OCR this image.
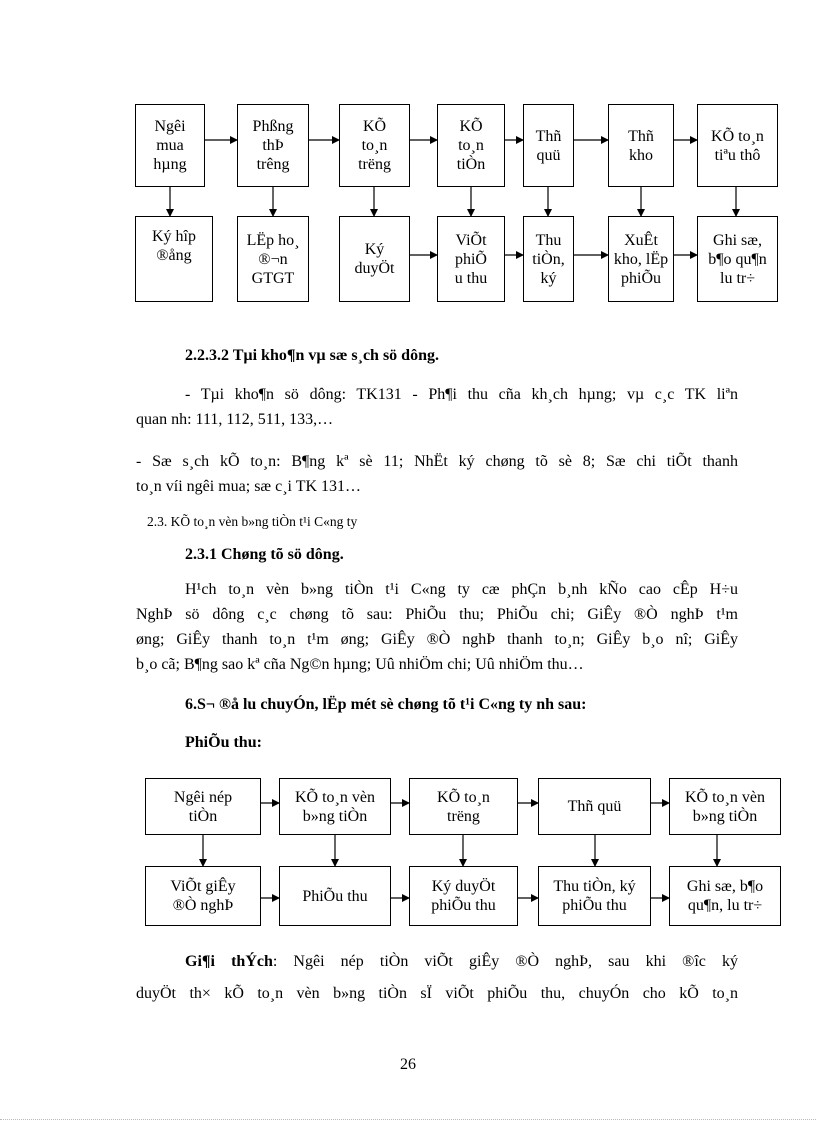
Ngêi
mua
hµng
Phßng
thÞ
trêng
KÕ
to¸n
trëng
KÕ
to¸n
tiÒn
Thñ
quü
Thñ
kho
KÕ to¸n
tiªu thô
Ký hîp
®ång
LËp ho¸
®¬n
GTGT
Ký
duyÖt
ViÕt
phiÕ
u thu
Thu
tiÒn,
ký
XuÊt
kho, lËp
phiÕu
Ghi sæ,
b¶o qu¶n
lu tr÷
2.2.3.2 Tµi kho¶n vµ sæ s¸ch sö dông.
- Tµi kho¶n sö dông: TK131 - Ph¶i thu cña kh¸ch hµng; vµ c¸c TK liªn
quan nh: 111, 112, 511, 133,…
- Sæ s¸ch kÕ to¸n: B¶ng kª sè 11; NhËt ký chøng tõ sè 8; Sæ chi tiÕt thanh
to¸n víi ngêi mua; sæ c¸i TK 131…
2.3. KÕ to¸n vèn b»ng tiÒn t¹i C«ng ty
2.3.1 Chøng tõ sö dông.
H¹ch to¸n vèn b»ng tiÒn t¹i C«ng ty cæ phÇn b¸nh kÑo cao cÊp H÷u
NghÞ sö dông c¸c chøng tõ sau: PhiÕu thu; PhiÕu chi; GiÊy ®Ò nghÞ t¹m
øng; GiÊy thanh to¸n t¹m øng; GiÊy ®Ò nghÞ thanh to¸n; GiÊy b¸o nî; GiÊy
b¸o cã; B¶ng sao kª cña Ng©n hµng; Uû nhiÖm chi; Uû nhiÖm thu…
6.S¬ ®å lu chuyÓn, lËp mét sè chøng tõ t¹i C«ng ty nh sau:
PhiÕu thu:
Ngêi nép
tiÒn
KÕ to¸n vèn
b»ng tiÒn
KÕ to¸n
trëng
Thñ quü
KÕ to¸n vèn
b»ng tiÒn
ViÕt giÊy
®Ò nghÞ
PhiÕu thu
Ký duyÖt
phiÕu thu
Thu tiÒn, ký
phiÕu thu
Ghi sæ, b¶o
qu¶n, lu tr÷
Gi¶i thÝch: Ngêi nép tiÒn viÕt giÊy ®Ò nghÞ, sau khi ®îc ký
duyÖt th× kÕ to¸n vèn b»ng tiÒn sÏ viÕt phiÕu thu, chuyÓn cho kÕ to¸n
26
